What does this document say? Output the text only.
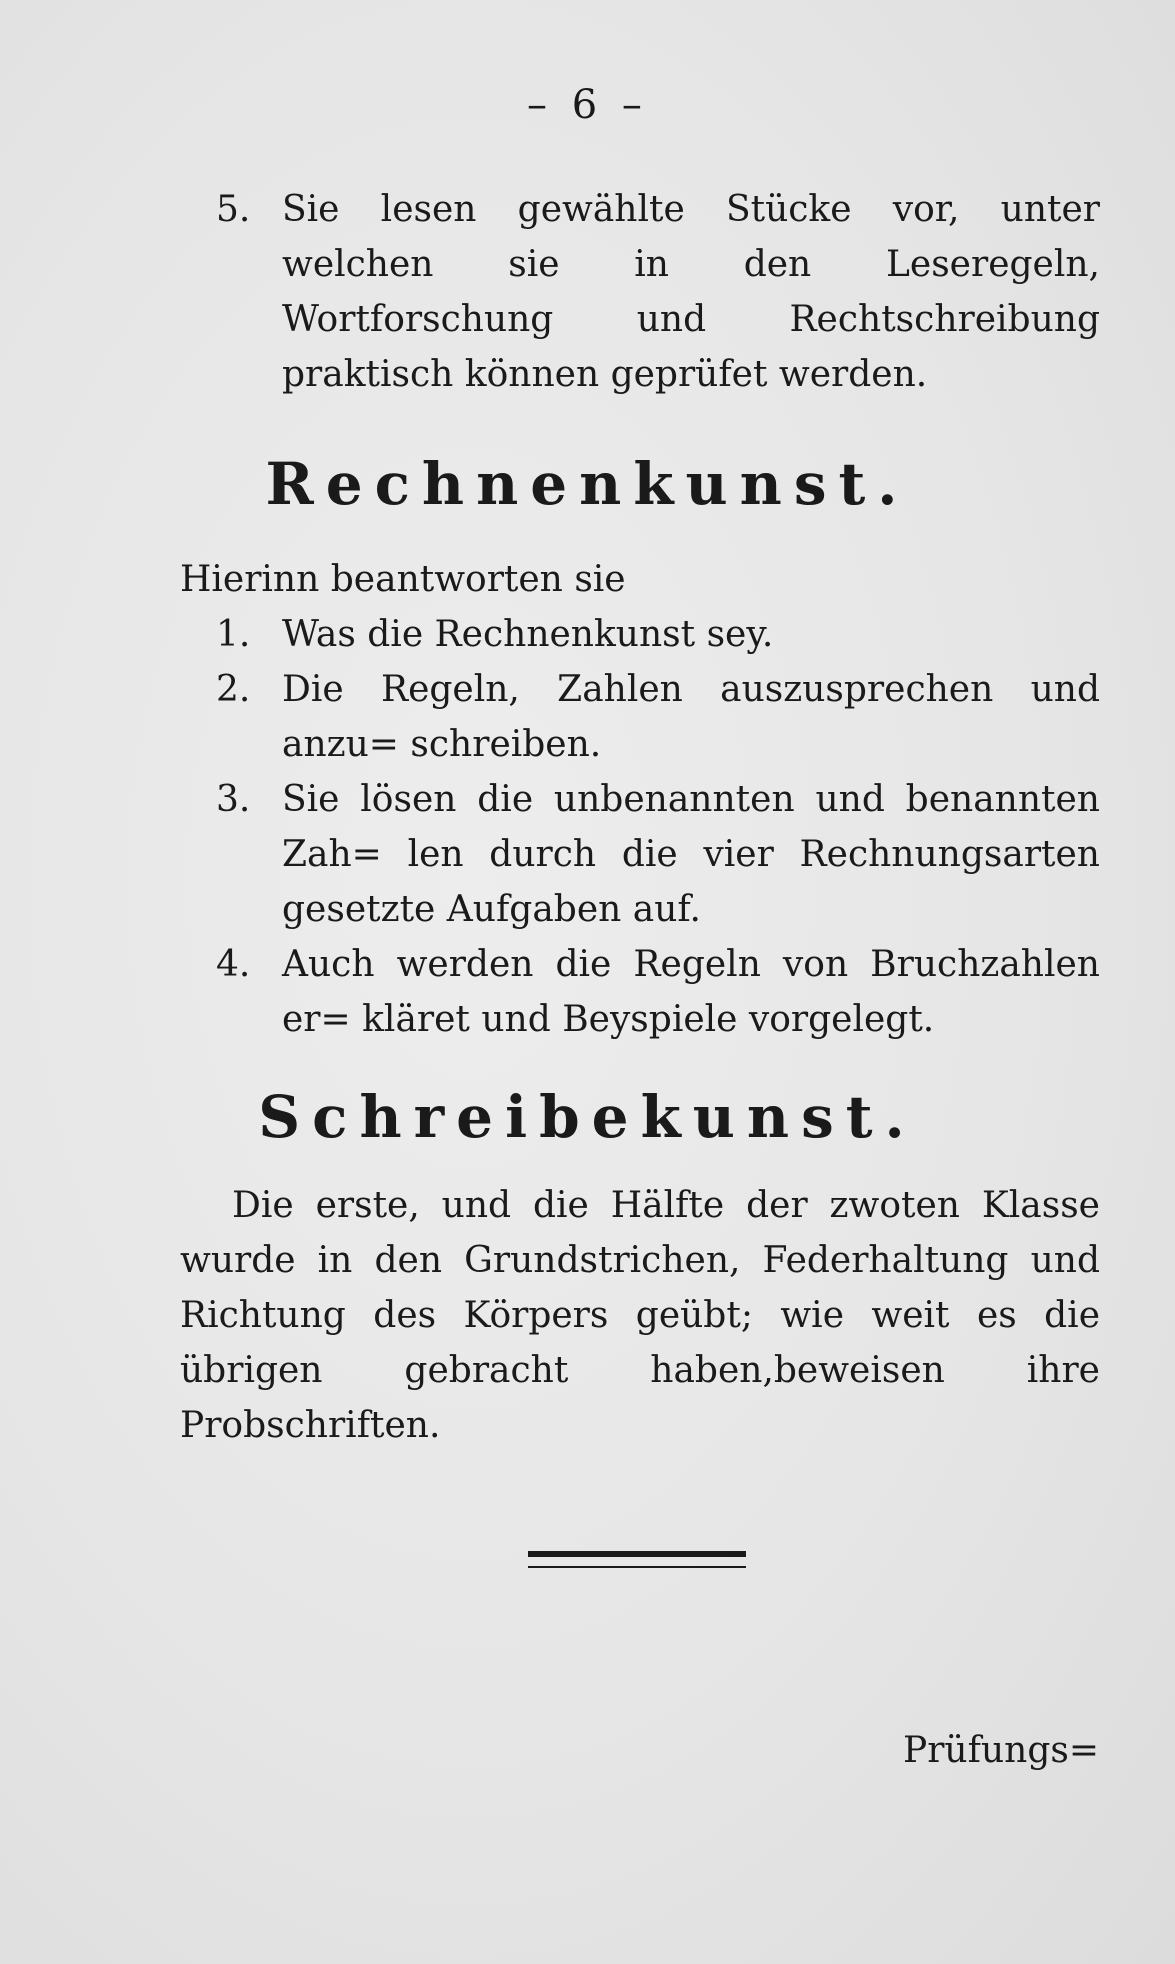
– 6 –
5. Sie lesen gewählte Stücke vor, unter welchen sie in den Leseregeln, Wortforschung und Rechtschreibung praktisch können geprüfet werden.
Rechnenkunst.
Hierinn beantworten sie
1. Was die Rechnenkunst sey.
2. Die Regeln, Zahlen auszusprechen und anzu= schreiben.
3. Sie lösen die unbenannten und benannten Zah= len durch die vier Rechnungsarten gesetzte Aufgaben auf.
4. Auch werden die Regeln von Bruchzahlen er= kläret und Beyspiele vorgelegt.
Schreibekunst.
Die erste, und die Hälfte der zwoten Klasse wurde in den Grundstrichen, Federhaltung und Richtung des Körpers geübt; wie weit es die übrigen gebracht haben,beweisen ihre Probschriften.
Prüfungs=
